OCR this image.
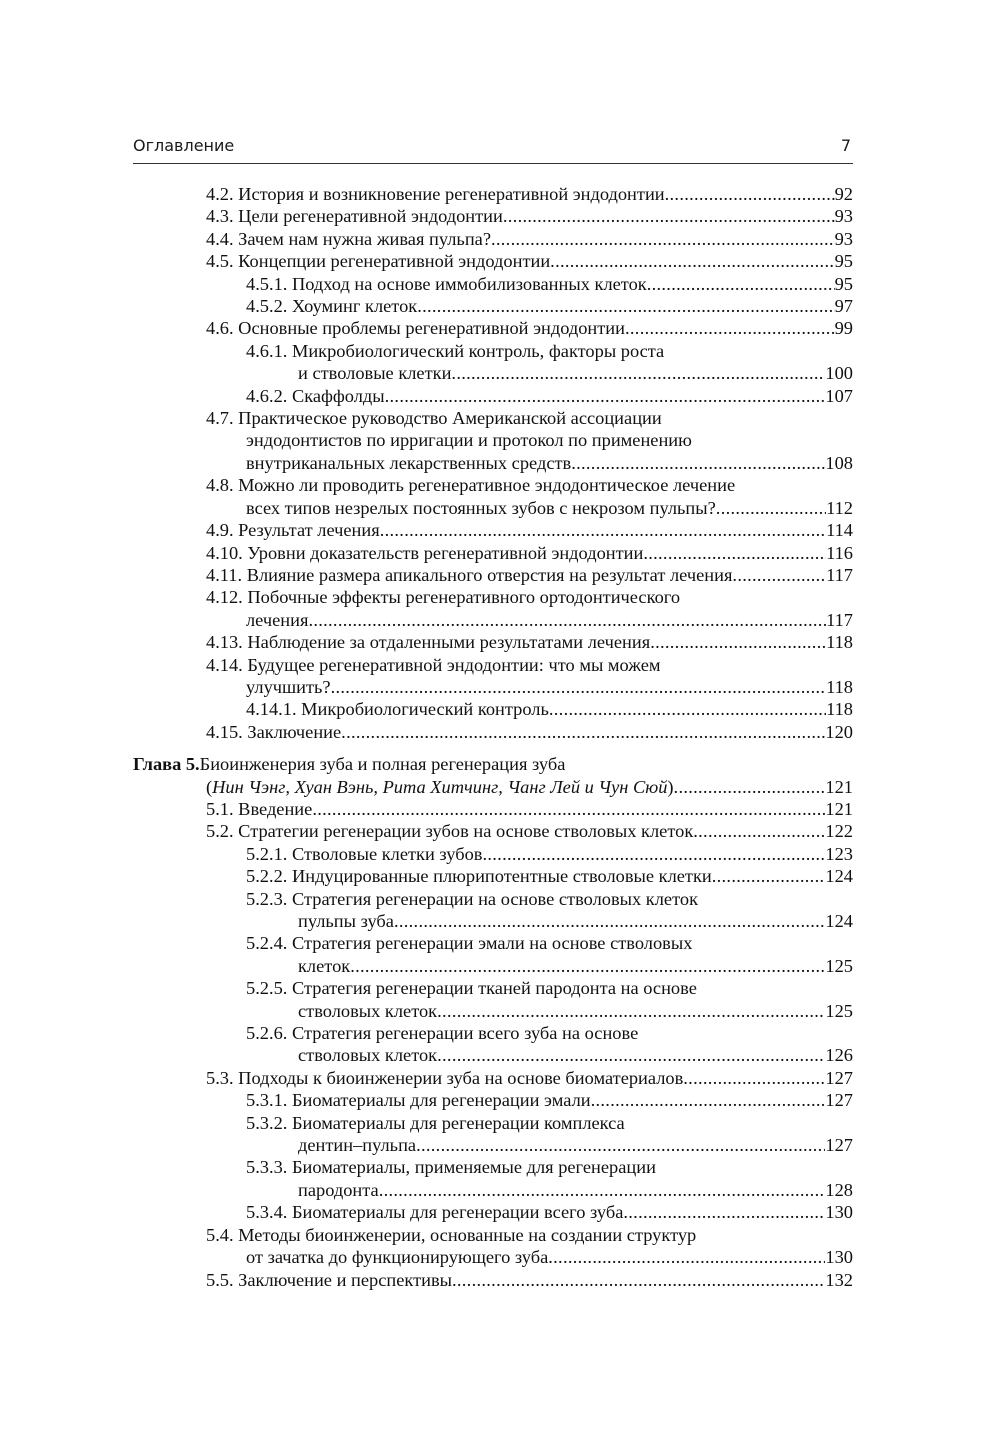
Оглавление	7
4.2. История и возникновение регенеративной эндодонтии .....	92
4.3. Цели регенеративной эндодонтии .....	93
4.4. Зачем нам нужна живая пульпа? .....	93
4.5. Концепции регенеративной эндодонтии .....	95
4.5.1. Подход на основе иммобилизованных клеток .....	95
4.5.2. Хоуминг клеток .....	97
4.6. Основные проблемы регенеративной эндодонтии .....	99
4.6.1. Микробиологический контроль, факторы роста
и стволовые клетки .....	100
4.6.2. Скаффолды .....	107
4.7. Практическое руководство Американской ассоциации
эндодонтистов по ирригации и протокол по применению
внутриканальных лекарственных средств .....	108
4.8. Можно ли проводить регенеративное эндодонтическое лечение
всех типов незрелых постоянных зубов с некрозом пульпы? .....	112
4.9. Результат лечения .....	114
4.10. Уровни доказательств регенеративной эндодонтии .....	116
4.11. Влияние размера апикального отверстия на результат лечения .....	117
4.12. Побочные эффекты регенеративного ортодонтического
лечения .....	117
4.13. Наблюдение за отдаленными результатами лечения .....	118
4.14. Будущее регенеративной эндодонтии: что мы можем
улучшить? .....	118
4.14.1. Микробиологический контроль .....	118
4.15. Заключение .....	120
Глава 5. Биоинженерия зуба и полная регенерация зуба
( Нин Чэнг, Хуан Вэнь, Рита Хитчинг, Чанг Лей и Чун Сюй ) .....	121
5.1. Введение .....	121
5.2. Стратегии регенерации зубов на основе стволовых клеток .....	122
5.2.1. Стволовые клетки зубов .....	123
5.2.2. Индуцированные плюрипотентные стволовые клетки .....	124
5.2.3. Стратегия регенерации на основе стволовых клеток
пульпы зуба .....	124
5.2.4. Стратегия регенерации эмали на основе стволовых
клеток .....	125
5.2.5. Стратегия регенерации тканей пародонта на основе
стволовых клеток .....	125
5.2.6. Стратегия регенерации всего зуба на основе
стволовых клеток .....	126
5.3. Подходы к биоинженерии зуба на основе биоматериалов .....	127
5.3.1. Биоматериалы для регенерации эмали .....	127
5.3.2. Биоматериалы для регенерации комплекса
дентин–пульпа .....	127
5.3.3. Биоматериалы, применяемые для регенерации
пародонта .....	128
5.3.4. Биоматериалы для регенерации всего зуба .....	130
5.4. Методы биоинженерии, основанные на создании структур
от зачатка до функционирующего зуба .....	130
5.5. Заключение и перспективы .....	132
